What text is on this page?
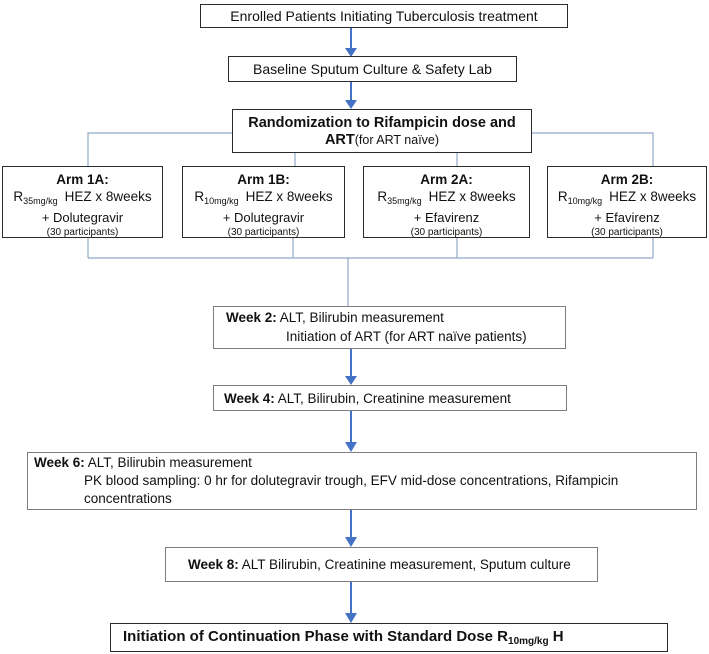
Enrolled Patients Initiating Tuberculosis treatment
Baseline Sputum Culture & Safety Lab
Randomization to Rifampicin dose and
ART(for ART naïve)
Arm 1A:
$R_{35mg/kg}$ HEZ x 8weeks
+ Dolutegravir
(30 participants)
Arm 1B:
$R_{10mg/kg}$ HEZ x 8weeks
+ Dolutegravir
(30 participants)
Arm 2A:
$R_{35mg/kg}$ HEZ x 8weeks
+ Efavirenz
(30 participants)
Arm 2B:
$R_{10mg/kg}$ HEZ x 8weeks
+ Efavirenz
(30 participants)
Week 2: ALT, Bilirubin measurement
Initiation of ART (for ART naïve patients)
Week 4: ALT, Bilirubin, Creatinine measurement
Week 6: ALT, Bilirubin measurement
PK blood sampling: 0 hr for dolutegravir trough, EFV mid-dose concentrations, Rifampicin
concentrations
Week 8: ALT Bilirubin, Creatinine measurement, Sputum culture
Initiation of Continuation Phase with Standard Dose $R_{10mg/kg}$ H
